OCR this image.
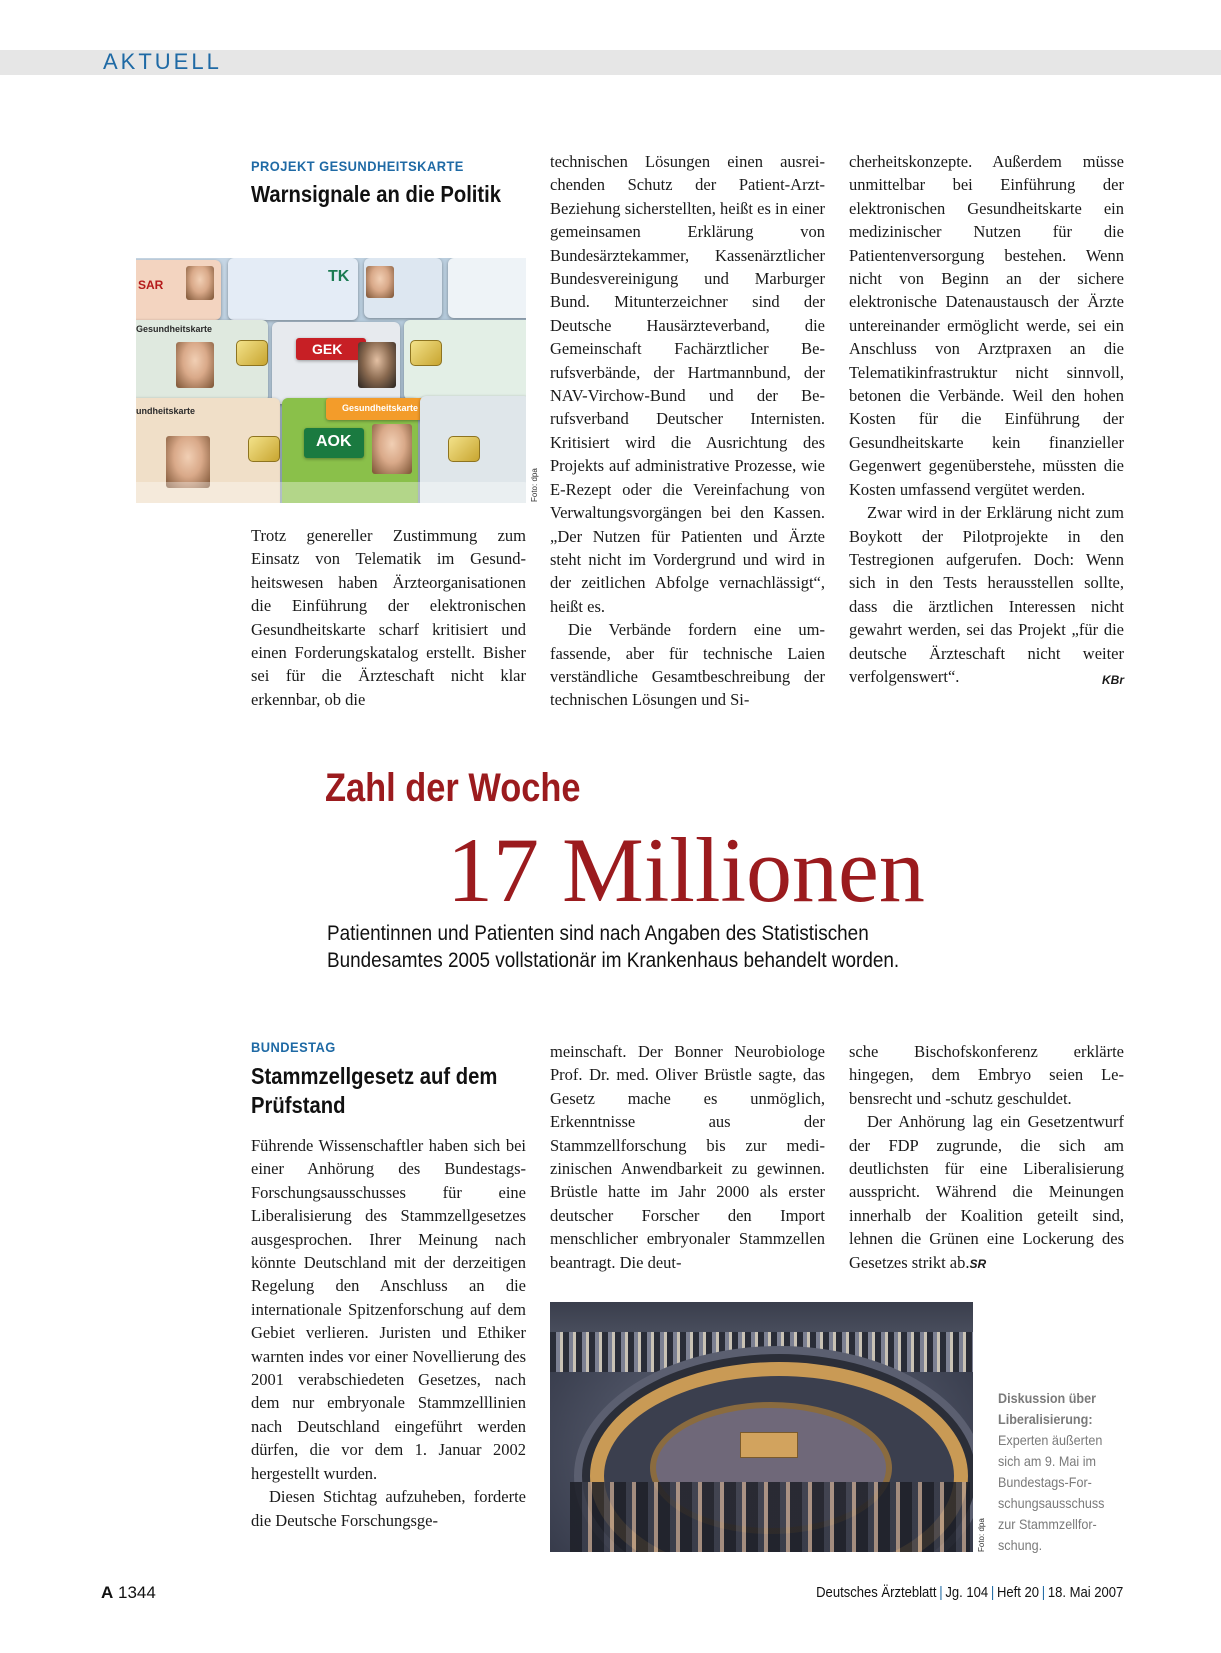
AKTUELL
PROJEKT GESUNDHEITSKARTE
Warnsignale an die Politik
SAR	TK
Gesundheitskarte
GEK
undheitskarte
AOK
Gesundheitskarte
Foto: dpa

Trotz genereller Zustimmung zum Einsatz von Telematik im Gesundheitswesen haben Ärzteorganisationen die Einführung der elektronischen Gesundheitskarte scharf kritisiert und einen Forderungskatalog erstellt. Bisher sei für die Ärzteschaft nicht klar erkennbar, ob die

technischen Lösungen einen ausreichenden Schutz der Patient-Arzt-Beziehung sicherstellten, heißt es in einer gemeinsamen Erklärung von Bundesärztekammer, Kassenärztlicher Bundesvereinigung und Marburger Bund. Mitunterzeichner sind der Deutsche Hausärzteverband, die Gemeinschaft Fachärztlicher Berufsverbände, der Hartmannbund, der NAV-Virchow-Bund und der Berufsverband Deutscher Internisten. Kritisiert wird die Ausrichtung des Projekts auf administrative Prozesse, wie E-Rezept oder die Vereinfachung von Verwaltungsvorgängen bei den Kassen. „Der Nutzen für Patienten und Ärzte steht nicht im Vordergrund und wird in der zeitlichen Abfolge vernachlässigt“, heißt es.

Die Verbände fordern eine umfassende, aber für technische Laien verständliche Gesamtbeschreibung der technischen Lösungen und Si-

cherheitskonzepte. Außerdem müsse unmittelbar bei Einführung der elektronischen Gesundheitskarte ein medizinischer Nutzen für die Patientenversorgung bestehen. Wenn nicht von Beginn an der sichere elektronische Datenaustausch der Ärzte untereinander ermöglicht werde, sei ein Anschluss von Arztpraxen an die Telematikinfrastruktur nicht sinnvoll, betonen die Verbände. Weil den hohen Kosten für die Einführung der Gesundheitskarte kein finanzieller Gegenwert gegenüberstehe, müssten die Kosten umfassend vergütet werden.

Zwar wird in der Erklärung nicht zum Boykott der Pilotprojekte in den Testregionen aufgerufen. Doch: Wenn sich in den Tests herausstellen sollte, dass die ärztlichen Interessen nicht gewahrt werden, sei das Projekt „für die deutsche Ärzteschaft nicht weiter verfolgenswert“.	KBr

Zahl der Woche
17 Millionen
Patientinnen und Patienten sind nach Angaben des Statistischen Bundesamtes 2005 vollstationär im Krankenhaus behandelt worden.
BUNDESTAG
Stammzellgesetz auf dem Prüfstand

Führende Wissenschaftler haben sich bei einer Anhörung des Bundestags-Forschungsausschusses für eine Liberalisierung des Stammzellgesetzes ausgesprochen. Ihrer Meinung nach könnte Deutschland mit der derzeitigen Regelung den Anschluss an die internationale Spitzenforschung auf dem Gebiet verlieren. Juristen und Ethiker warnten indes vor einer Novellierung des 2001 verabschiedeten Gesetzes, nach dem nur embryonale Stammzelllinien nach Deutschland eingeführt werden dürfen, die vor dem 1. Januar 2002 hergestellt wurden.

Diesen Stichtag aufzuheben, forderte die Deutsche Forschungsge-

meinschaft. Der Bonner Neurobiologe Prof. Dr. med. Oliver Brüstle sagte, das Gesetz mache es unmöglich, Erkenntnisse aus der Stammzellforschung bis zur medizinischen Anwendbarkeit zu gewinnen. Brüstle hatte im Jahr 2000 als erster deutscher Forscher den Import menschlicher embryonaler Stammzellen beantragt. Die deut-

sche Bischofskonferenz erklärte hingegen, dem Embryo seien Lebensrecht und -schutz geschuldet.

Der Anhörung lag ein Gesetzentwurf der FDP zugrunde, die sich am deutlichsten für eine Liberalisierung ausspricht. Während die Meinungen innerhalb der Koalition geteilt sind, lehnen die Grünen eine Lockerung des Gesetzes strikt ab.SR

Foto: dpa
Diskussion über Liberalisierung: Experten äußerten sich am 9. Mai im Bundestags-Forschungsausschuss zur Stammzellforschung.
A 1344	Deutsches Ärzteblatt | Jg. 104 | Heft 20 | 18. Mai 2007
